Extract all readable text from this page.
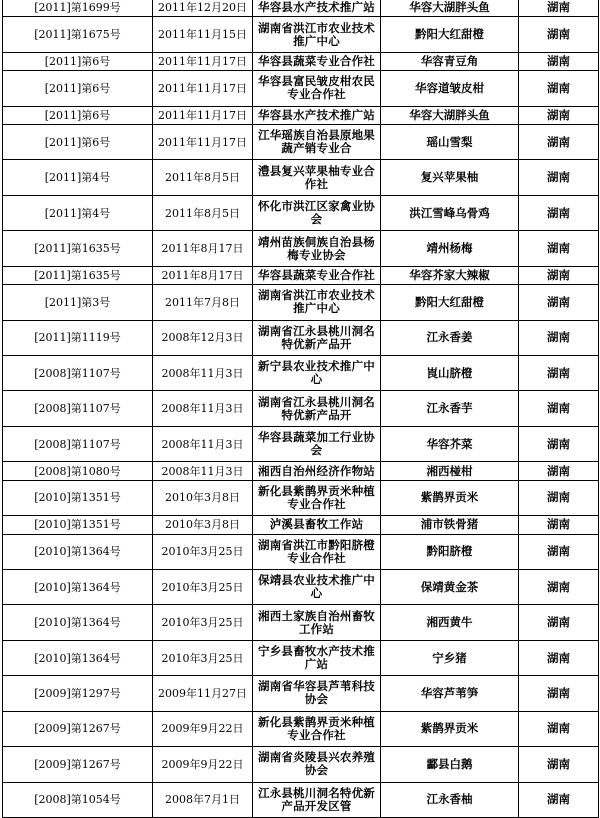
[2011]第1699号	2011年12月20日	华容县水产技术推广站	华容大湖胖头鱼	湖南
[2011]第1675号	2011年11月15日	湖南省洪江市农业技术推广中心	黔阳大红甜橙	湖南
[2011]第6号	2011年11月17日	华容县蔬菜专业合作社	华容青豆角	湖南
[2011]第6号	2011年11月17日	华容县富民皱皮柑农民专业合作社	华容道皱皮柑	湖南
[2011]第6号	2011年11月17日	华容县水产技术推广站	华容大湖胖头鱼	湖南
[2011]第6号	2011年11月17日	江华瑶族自治县原地果蔬产销专业合	瑶山雪梨	湖南
[2011]第4号	2011年8月5日	澧县复兴苹果柚专业合作社	复兴苹果柚	湖南
[2011]第4号	2011年8月5日	怀化市洪江区家禽业协会	洪江雪峰乌骨鸡	湖南
[2011]第1635号	2011年8月17日	靖州苗族侗族自治县杨梅专业协会	靖州杨梅	湖南
[2011]第1635号	2011年8月17日	华容县蔬菜专业合作社	华容芥家大辣椒	湖南
[2011]第3号	2011年7月8日	湖南省洪江市农业技术推广中心	黔阳大红甜橙	湖南
[2011]第1119号	2008年12月3日	湖南省江永县桃川洞名特优新产品开	江永香姜	湖南
[2008]第1107号	2008年11月3日	新宁县农业技术推广中心	崀山脐橙	湖南
[2008]第1107号	2008年11月3日	湖南省江永县桃川洞名特优新产品开	江永香芋	湖南
[2008]第1107号	2008年11月3日	华容县蔬菜加工行业协会	华容芥菜	湖南
[2008]第1080号	2008年11月3日	湘西自治州经济作物站	湘西椪柑	湖南
[2010]第1351号	2010年3月8日	新化县紫鹊界贡米种植专业合作社	紫鹊界贡米	湖南
[2010]第1351号	2010年3月8日	泸溪县畜牧工作站	浦市铁骨猪	湖南
[2010]第1364号	2010年3月25日	湖南省洪江市黔阳脐橙专业合作社	黔阳脐橙	湖南
[2010]第1364号	2010年3月25日	保靖县农业技术推广中心	保靖黄金茶	湖南
[2010]第1364号	2010年3月25日	湘西土家族自治州畜牧工作站	湘西黄牛	湖南
[2010]第1364号	2010年3月25日	宁乡县畜牧水产技术推广站	宁乡猪	湖南
[2009]第1297号	2009年11月27日	湖南省华容县芦苇科技协会	华容芦苇笋	湖南
[2009]第1267号	2009年9月22日	新化县紫鹊界贡米种植专业合作社	紫鹊界贡米	湖南
[2009]第1267号	2009年9月22日	湖南省炎陵县兴农养殖协会	酃县白鹅	湖南
[2008]第1054号	2008年7月1日	江永县桃川洞名特优新产品开发区管	江永香柚	湖南
